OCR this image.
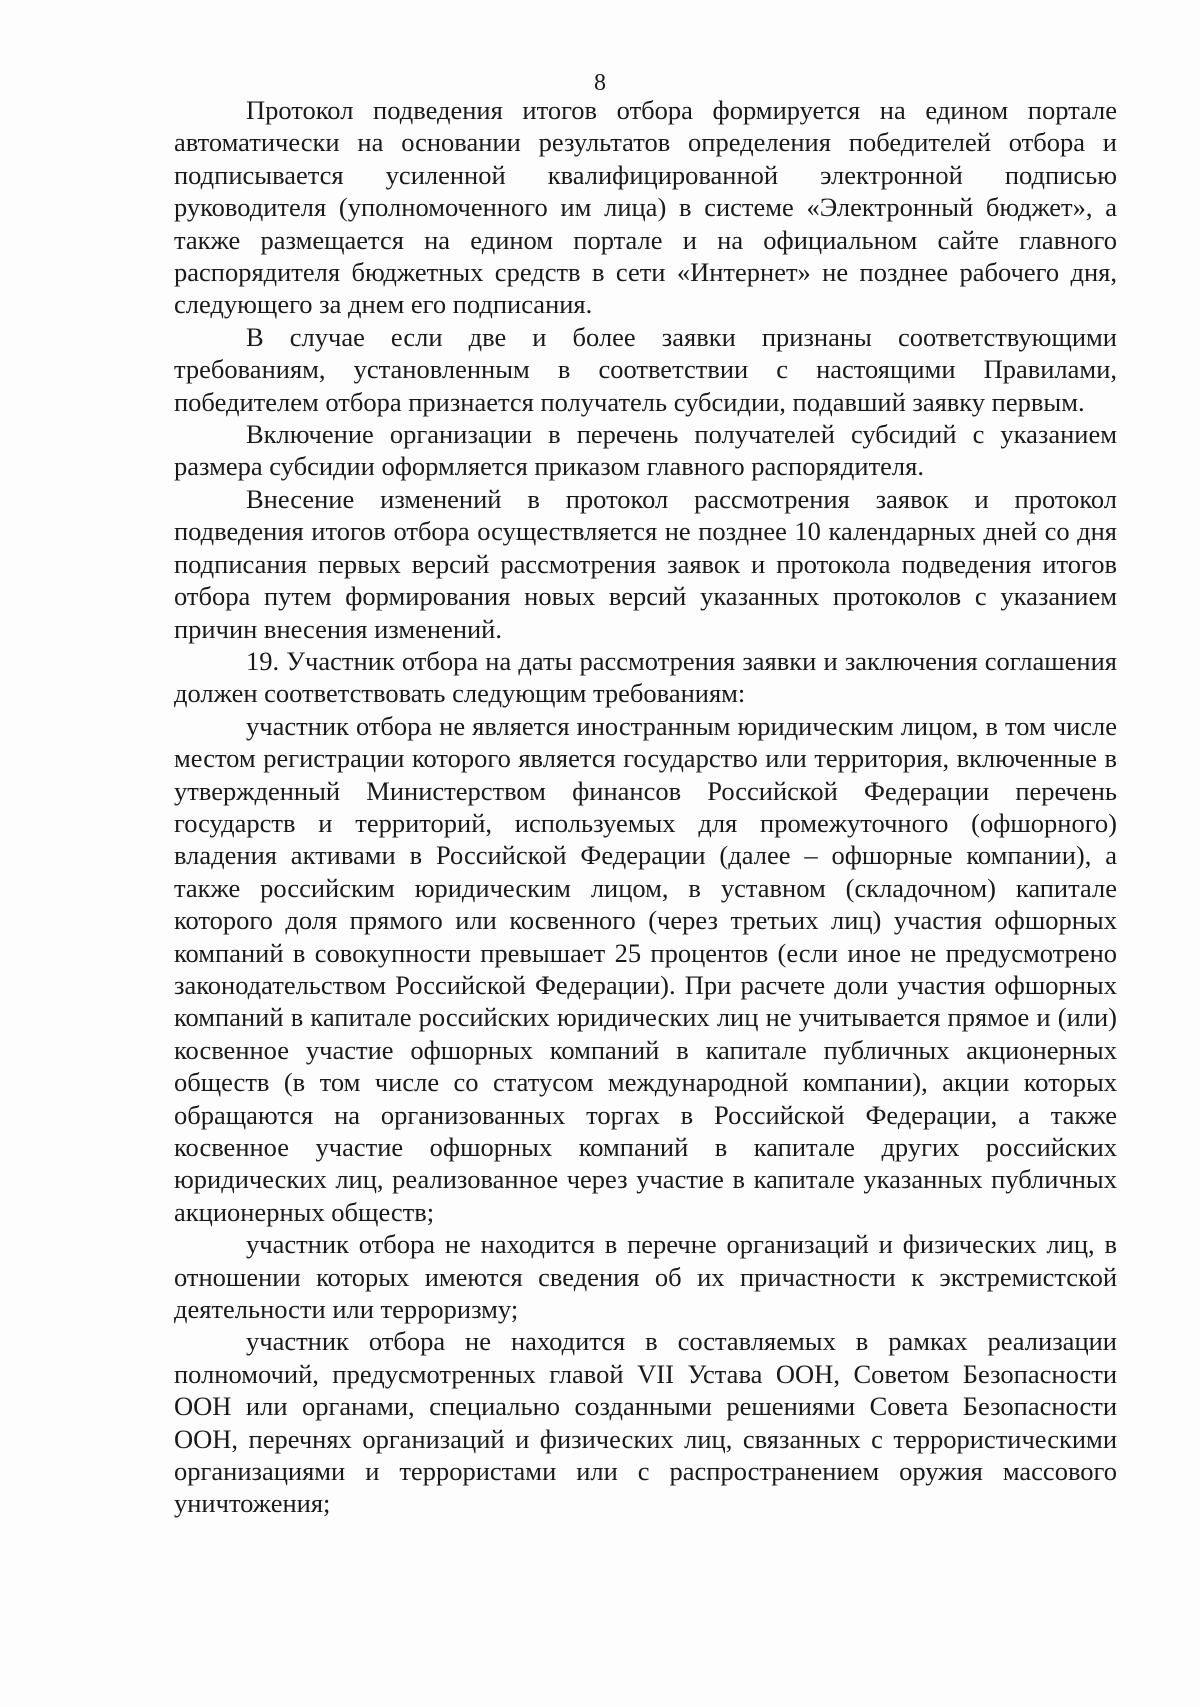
8

Протокол подведения итогов отбора формируется на едином портале автоматически на основании результатов определения победителей отбора и подписывается усиленной квалифицированной электронной подписью руководителя (уполномоченного им лица) в системе «Электронный бюджет», а также размещается на едином портале и на официальном сайте главного распорядителя бюджетных средств в сети «Интернет» не позднее рабочего дня, следующего за днем его подписания.

В случае если две и более заявки признаны соответствующими требованиям, установленным в соответствии с настоящими Правилами, победителем отбора признается получатель субсидии, подавший заявку первым.

Включение организации в перечень получателей субсидий с указанием размера субсидии оформляется приказом главного распорядителя.

Внесение изменений в протокол рассмотрения заявок и протокол подведения итогов отбора осуществляется не позднее 10 календарных дней со дня подписания первых версий рассмотрения заявок и протокола подведения итогов отбора путем формирования новых версий указанных протоколов с указанием причин внесения изменений.

19. Участник отбора на даты рассмотрения заявки и заключения соглашения должен соответствовать следующим требованиям:

участник отбора не является иностранным юридическим лицом, в том числе местом регистрации которого является государство или территория, включенные в утвержденный Министерством финансов Российской Федерации перечень государств и территорий, используемых для промежуточного (офшорного) владения активами в Российской Федерации (далее – офшорные компании), а также российским юридическим лицом, в уставном (складочном) капитале которого доля прямого или косвенного (через третьих лиц) участия офшорных компаний в совокупности превышает 25 процентов (если иное не предусмотрено законодательством Российской Федерации). При расчете доли участия офшорных компаний в капитале российских юридических лиц не учитывается прямое и (или) косвенное участие офшорных компаний в капитале публичных акционерных обществ (в том числе со статусом международной компании), акции которых обращаются на организованных торгах в Российской Федерации, а также косвенное участие офшорных компаний в капитале других российских юридических лиц, реализованное через участие в капитале указанных публичных акционерных обществ;

участник отбора не находится в перечне организаций и физических лиц, в отношении которых имеются сведения об их причастности к экстремистской деятельности или терроризму;

участник отбора не находится в составляемых в рамках реализации полномочий, предусмотренных главой VII Устава ООН, Советом Безопасности ООН или органами, специально созданными решениями Совета Безопасности ООН, перечнях организаций и физических лиц, связанных с террористическими организациями и террористами или с распространением оружия массового уничтожения;
